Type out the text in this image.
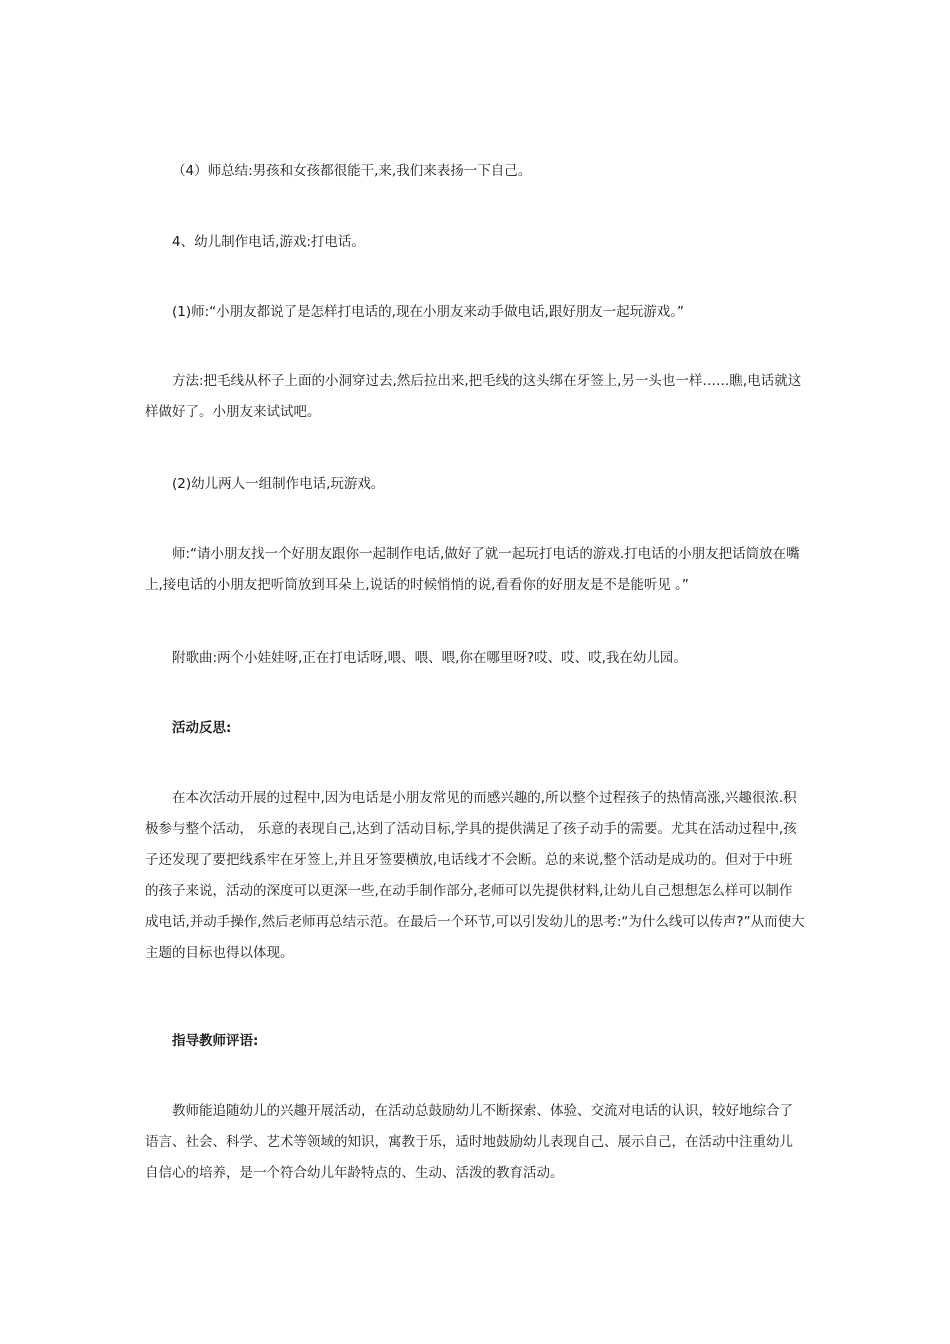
（4）师总结:男孩和女孩都很能干,来,我们来表扬一下自己。

4、幼儿制作电话,游戏:打电话。

(1)师:“小朋友都说了是怎样打电话的,现在小朋友来动手做电话,跟好朋友一起玩游戏。”

方法:把毛线从杯子上面的小洞穿过去,然后拉出来,把毛线的这头绑在牙签上,另一头也一样……瞧,电话就这样做好了。小朋友来试试吧。

(2)幼儿两人一组制作电话,玩游戏。

师:“请小朋友找一个好朋友跟你一起制作电话,做好了就一起玩打电话的游戏.打电话的小朋友把话筒放在嘴上,接电话的小朋友把听筒放到耳朵上,说话的时候悄悄的说,看看你的好朋友是不是能听见 。”

附歌曲:两个小娃娃呀,正在打电话呀,喂、喂、喂,你在哪里呀?哎、哎、哎,我在幼儿园。

活动反思:

在本次活动开展的过程中,因为电话是小朋友常见的而感兴趣的,所以整个过程孩子的热情高涨,兴趣很浓.积极参与整个活动， 乐意的表现自己,达到了活动目标,学具的提供满足了孩子动手的需要。尤其在活动过程中,孩子还发现了要把线系牢在牙签上,并且牙签要横放,电话线才不会断。总的来说,整个活动是成功的。但对于中班的孩子来说，活动的深度可以更深一些,在动手制作部分,老师可以先提供材料,让幼儿自己想想怎么样可以制作成电话,并动手操作,然后老师再总结示范。在最后一个环节,可以引发幼儿的思考:“为什么线可以传声?”从而使大主题的目标也得以体现。

指导教师评语:

教师能追随幼儿的兴趣开展活动，在活动总鼓励幼儿不断探索、体验、交流对电话的认识，较好地综合了语言、社会、科学、艺术等领域的知识，寓教于乐，适时地鼓励幼儿表现自己、展示自己，在活动中注重幼儿自信心的培养，是一个符合幼儿年龄特点的、生动、活泼的教育活动。
